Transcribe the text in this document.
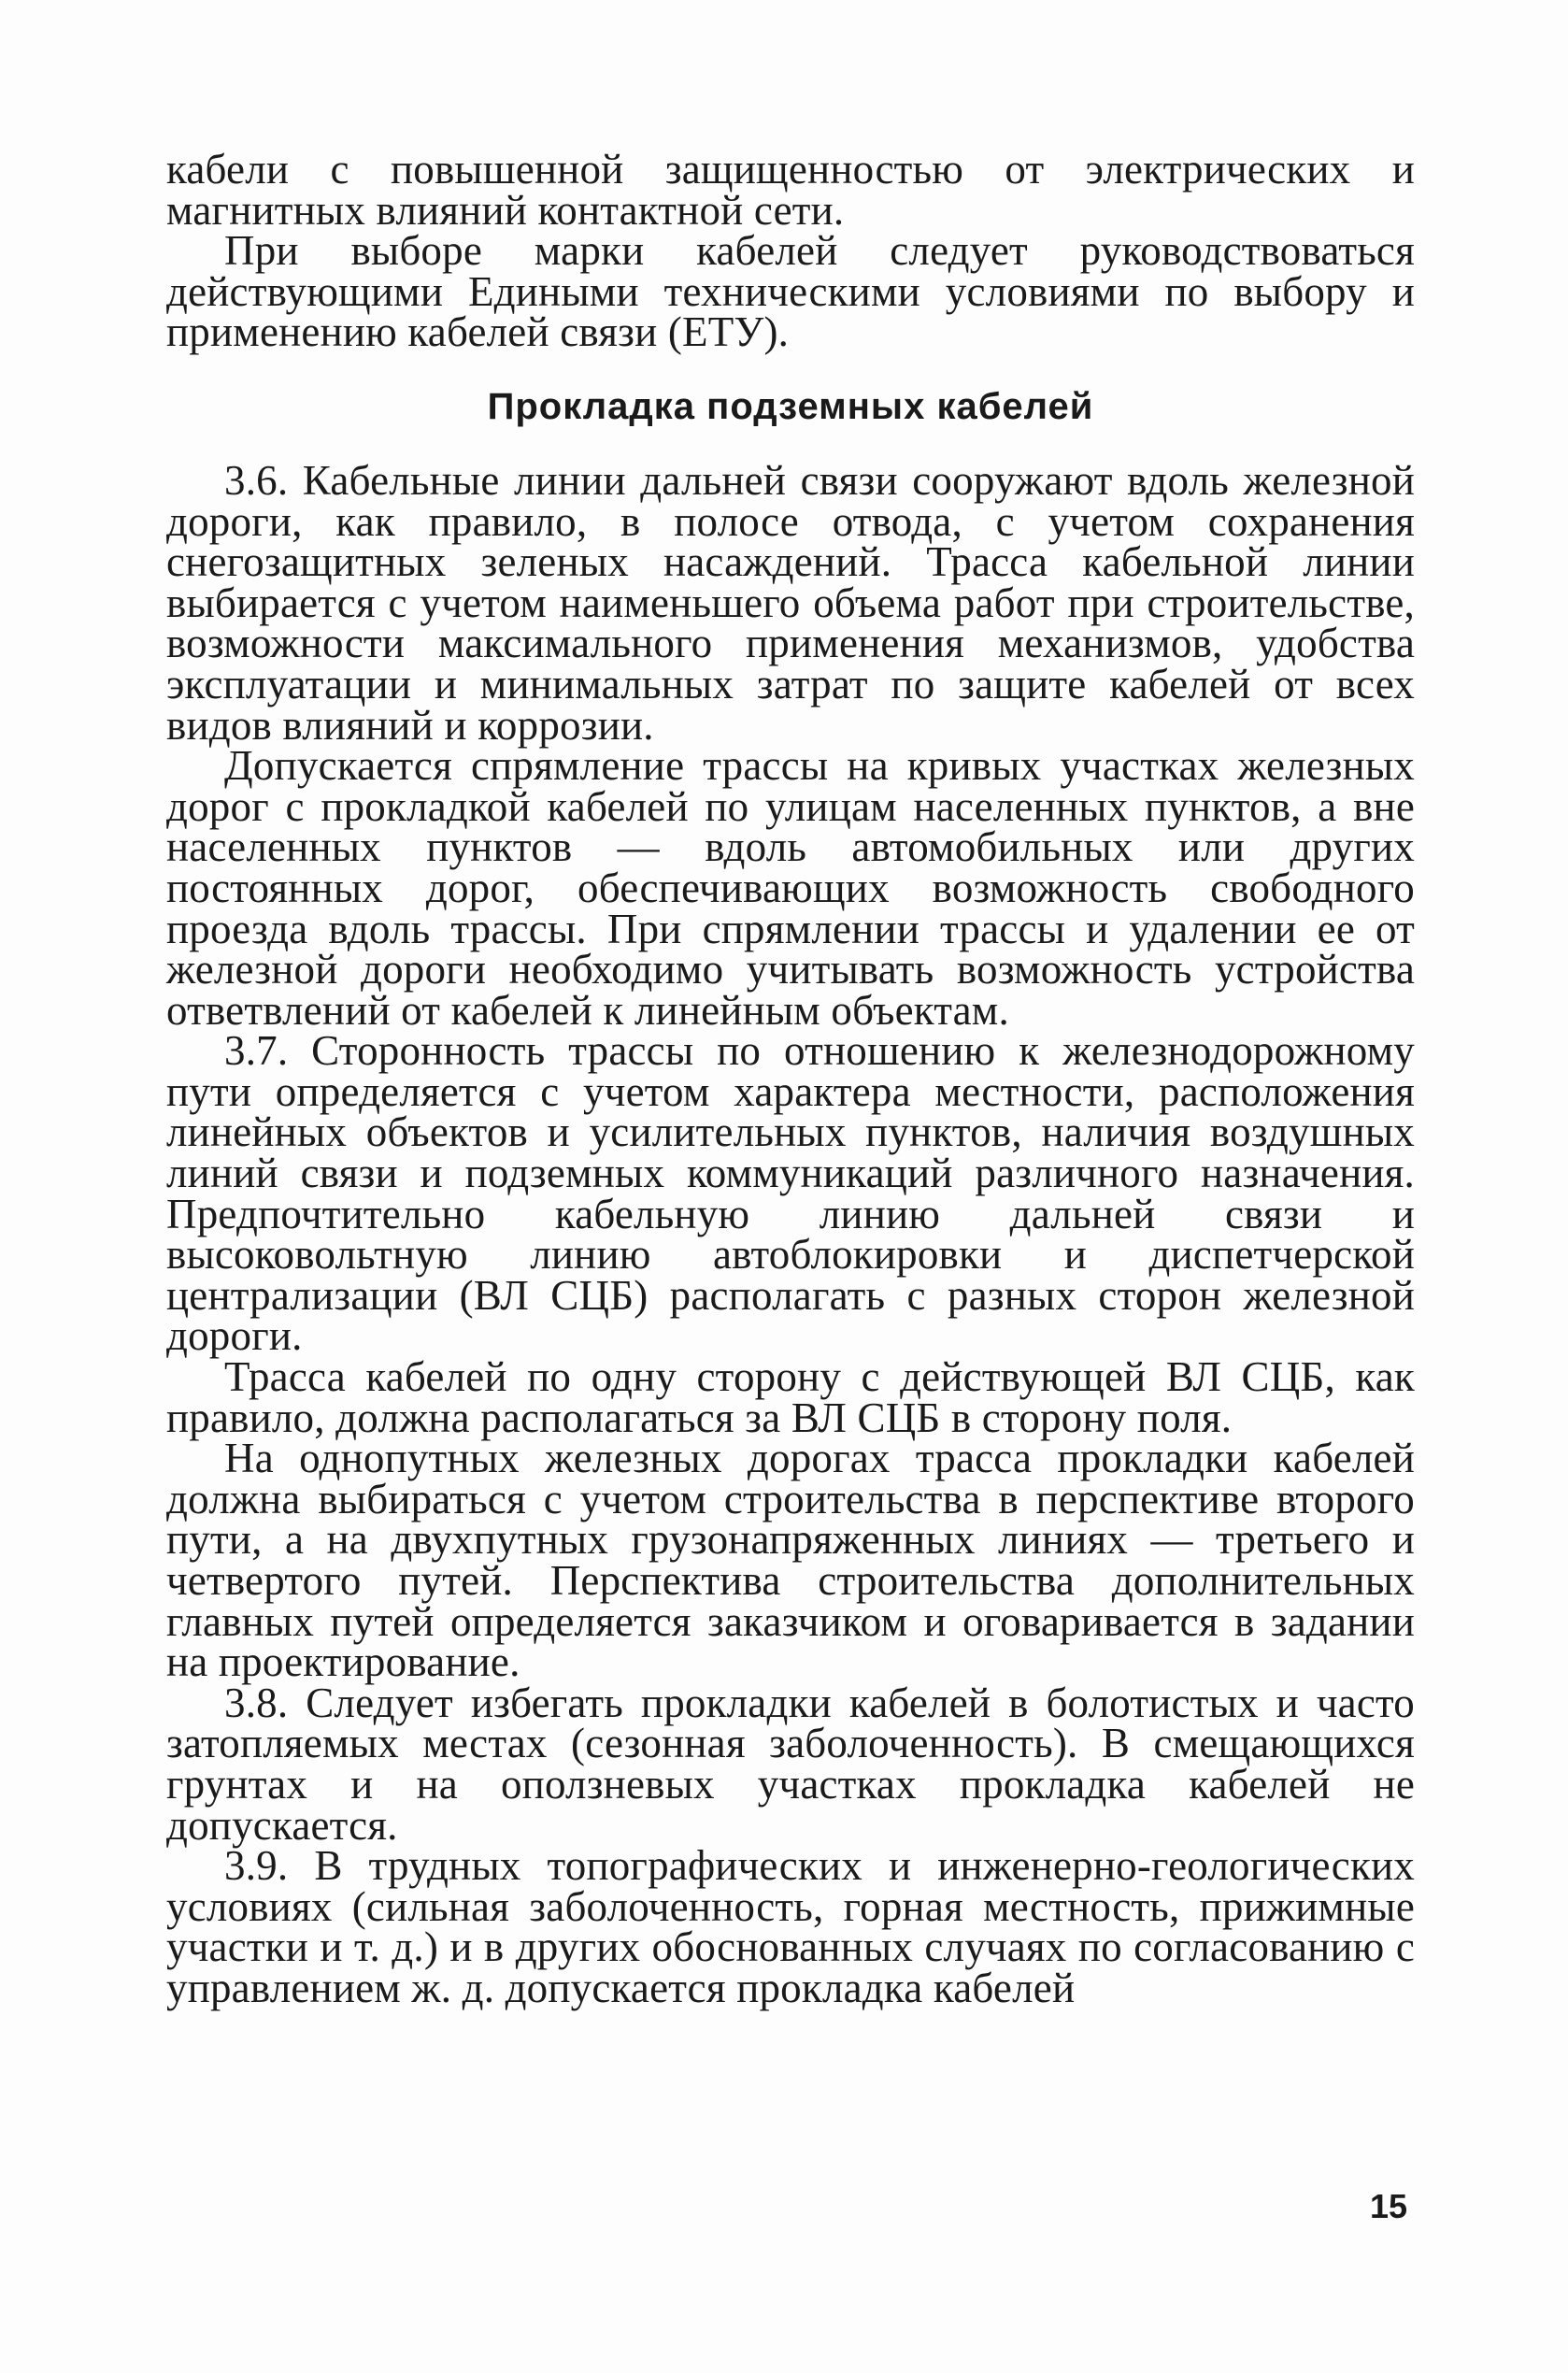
кабели с повышенной защищенностью от электрических и магнитных влияний контактной сети.

При выборе марки кабелей следует руководствоваться действующими Едиными техническими условиями по выбору и применению кабелей связи (ЕТУ).

Прокладка подземных кабелей

3.6. Кабельные линии дальней связи сооружают вдоль железной дороги, как правило, в полосе отвода, с учетом сохранения снегозащитных зеленых насаждений. Трасса кабельной линии выбирается с учетом наименьшего объема работ при строительстве, возможности максимального применения механизмов, удобства эксплуатации и минимальных затрат по защите кабелей от всех видов влияний и коррозии.

Допускается спрямление трассы на кривых участках железных дорог с прокладкой кабелей по улицам населенных пунктов, а вне населенных пунктов — вдоль автомобильных или других постоянных дорог, обеспечивающих возможность свободного проезда вдоль трассы. При спрямлении трассы и удалении ее от железной дороги необходимо учитывать возможность устройства ответвлений от кабелей к линейным объектам.

3.7. Сторонность трассы по отношению к железнодорожному пути определяется с учетом характера местности, расположения линейных объектов и усилительных пунктов, наличия воздушных линий связи и подземных коммуникаций различного назначения. Предпочтительно кабельную линию дальней связи и высоковольтную линию автоблокировки и диспетчерской централизации (ВЛ СЦБ) располагать с разных сторон железной дороги.

Трасса кабелей по одну сторону с действующей ВЛ СЦБ, как правило, должна располагаться за ВЛ СЦБ в сторону поля.

На однопутных железных дорогах трасса прокладки кабелей должна выбираться с учетом строительства в перспективе второго пути, а на двухпутных грузонапряженных линиях — третьего и четвертого путей. Перспектива строительства дополнительных главных путей определяется заказчиком и оговаривается в задании на проектирование.

3.8. Следует избегать прокладки кабелей в болотистых и часто затопляемых местах (сезонная заболоченность). В смещающихся грунтах и на оползневых участках прокладка кабелей не допускается.

3.9. В трудных топографических и инженерно-геологических условиях (сильная заболоченность, горная местность, прижимные участки и т. д.) и в других обоснованных случаях по согласованию с управлением ж. д. допускается прокладка кабелей

15
